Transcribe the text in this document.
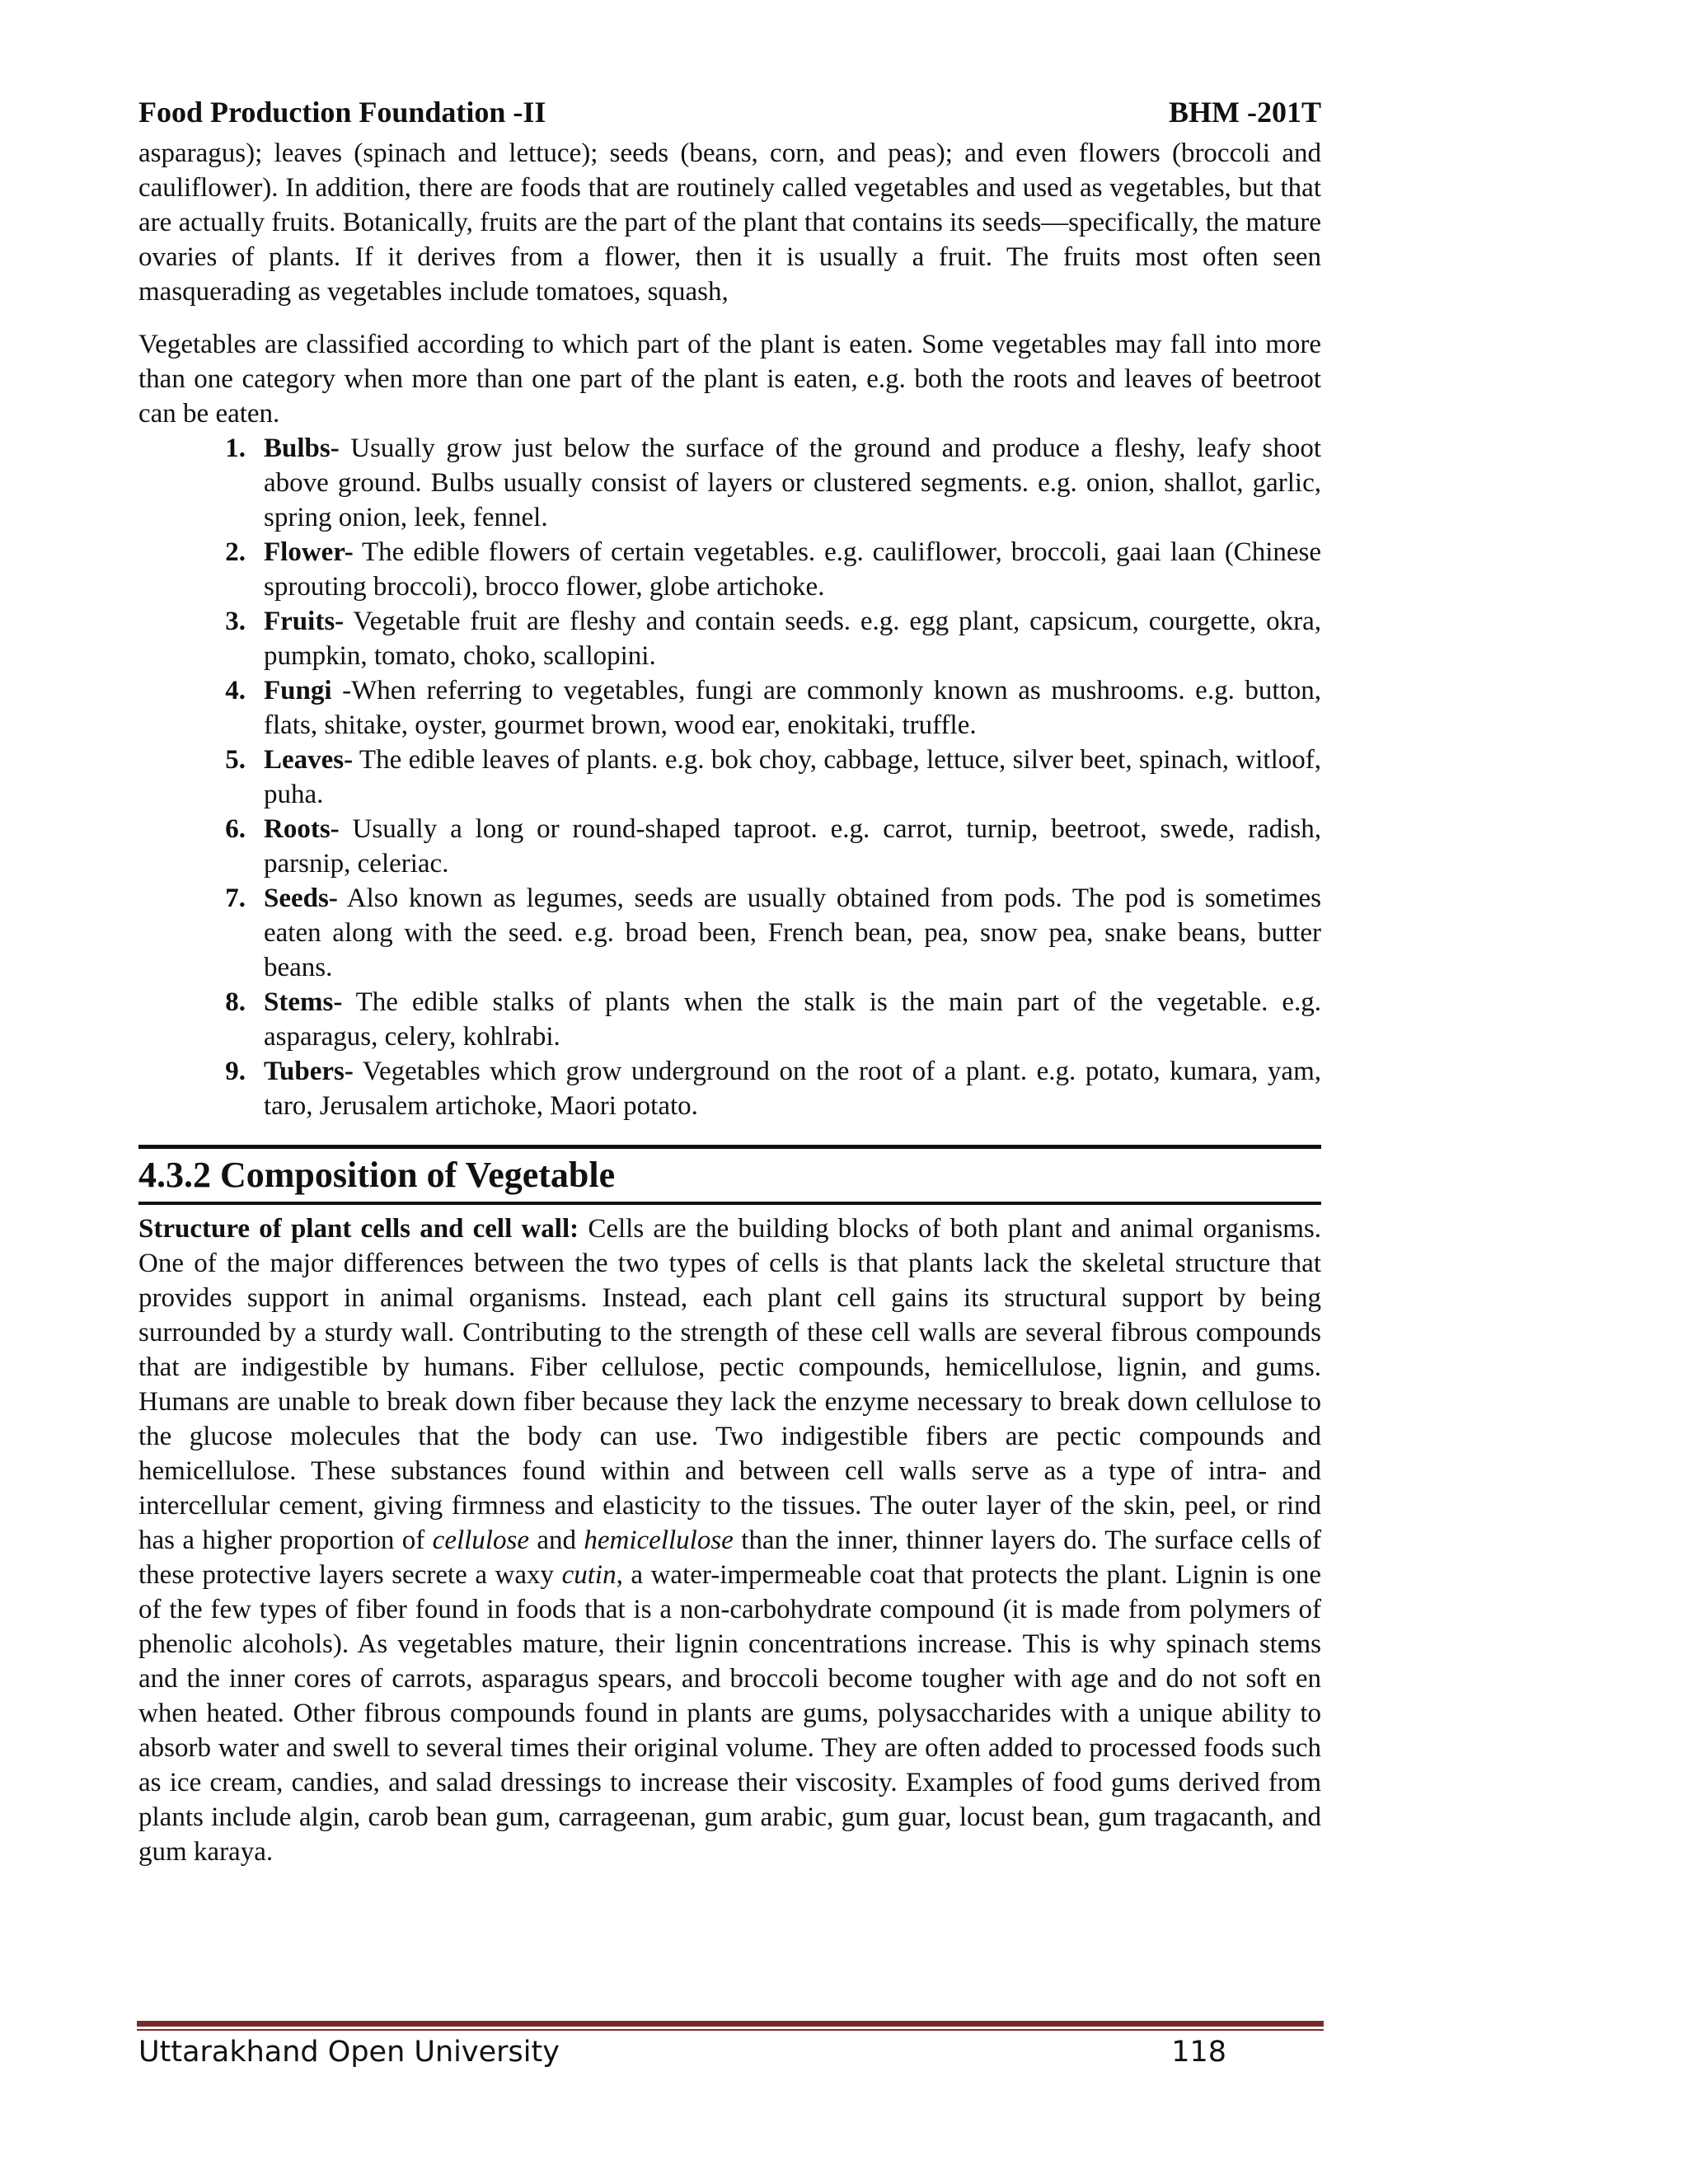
Food Production Foundation -II	BHM -201T

asparagus); leaves (spinach and lettuce); seeds (beans, corn, and peas); and even flowers (broccoli and cauliflower). In addition, there are foods that are routinely called vegetables and used as vegetables, but that are actually fruits. Botanically, fruits are the part of the plant that contains its seeds—specifically, the mature ovaries of plants. If it derives from a flower, then it is usually a fruit. The fruits most often seen masquerading as vegetables include tomatoes, squash,

Vegetables are classified according to which part of the plant is eaten. Some vegetables may fall into more than one category when more than one part of the plant is eaten, e.g. both the roots and leaves of beetroot can be eaten.

1. Bulbs- Usually grow just below the surface of the ground and produce a fleshy, leafy shoot above ground. Bulbs usually consist of layers or clustered segments. e.g. onion, shallot, garlic, spring onion, leek, fennel.
2. Flower- The edible flowers of certain vegetables. e.g. cauliflower, broccoli, gaai laan (Chinese sprouting broccoli), brocco flower, globe artichoke.
3. Fruits- Vegetable fruit are fleshy and contain seeds. e.g. egg plant, capsicum, courgette, okra, pumpkin, tomato, choko, scallopini.
4. Fungi -When referring to vegetables, fungi are commonly known as mushrooms. e.g. button, flats, shitake, oyster, gourmet brown, wood ear, enokitaki, truffle.
5. Leaves- The edible leaves of plants. e.g. bok choy, cabbage, lettuce, silver beet, spinach, witloof, puha.
6. Roots- Usually a long or round-shaped taproot. e.g. carrot, turnip, beetroot, swede, radish, parsnip, celeriac.
7. Seeds- Also known as legumes, seeds are usually obtained from pods. The pod is sometimes eaten along with the seed. e.g. broad been, French bean, pea, snow pea, snake beans, butter beans.
8. Stems- The edible stalks of plants when the stalk is the main part of the vegetable. e.g. asparagus, celery, kohlrabi.
9. Tubers- Vegetables which grow underground on the root of a plant. e.g. potato, kumara, yam, taro, Jerusalem artichoke, Maori potato.
4.3.2 Composition of Vegetable

Structure of plant cells and cell wall: Cells are the building blocks of both plant and animal organisms. One of the major differences between the two types of cells is that plants lack the skeletal structure that provides support in animal organisms. Instead, each plant cell gains its structural support by being surrounded by a sturdy wall. Contributing to the strength of these cell walls are several fibrous compounds that are indigestible by humans. Fiber cellulose, pectic compounds, hemicellulose, lignin, and gums. Humans are unable to break down fiber because they lack the enzyme necessary to break down cellulose to the glucose molecules that the body can use. Two indigestible fibers are pectic compounds and hemicellulose. These substances found within and between cell walls serve as a type of intra- and intercellular cement, giving firmness and elasticity to the tissues. The outer layer of the skin, peel, or rind has a higher proportion of cellulose and hemicellulose than the inner, thinner layers do. The surface cells of these protective layers secrete a waxy cutin, a water-impermeable coat that protects the plant. Lignin is one of the few types of fiber found in foods that is a non-carbohydrate compound (it is made from polymers of phenolic alcohols). As vegetables mature, their lignin concentrations increase. This is why spinach stems and the inner cores of carrots, asparagus spears, and broccoli become tougher with age and do not soft en when heated. Other fibrous compounds found in plants are gums, polysaccharides with a unique ability to absorb water and swell to several times their original volume. They are often added to processed foods such as ice cream, candies, and salad dressings to increase their viscosity. Examples of food gums derived from plants include algin, carob bean gum, carrageenan, gum arabic, gum guar, locust bean, gum tragacanth, and gum karaya.

Uttarakhand Open University	118
